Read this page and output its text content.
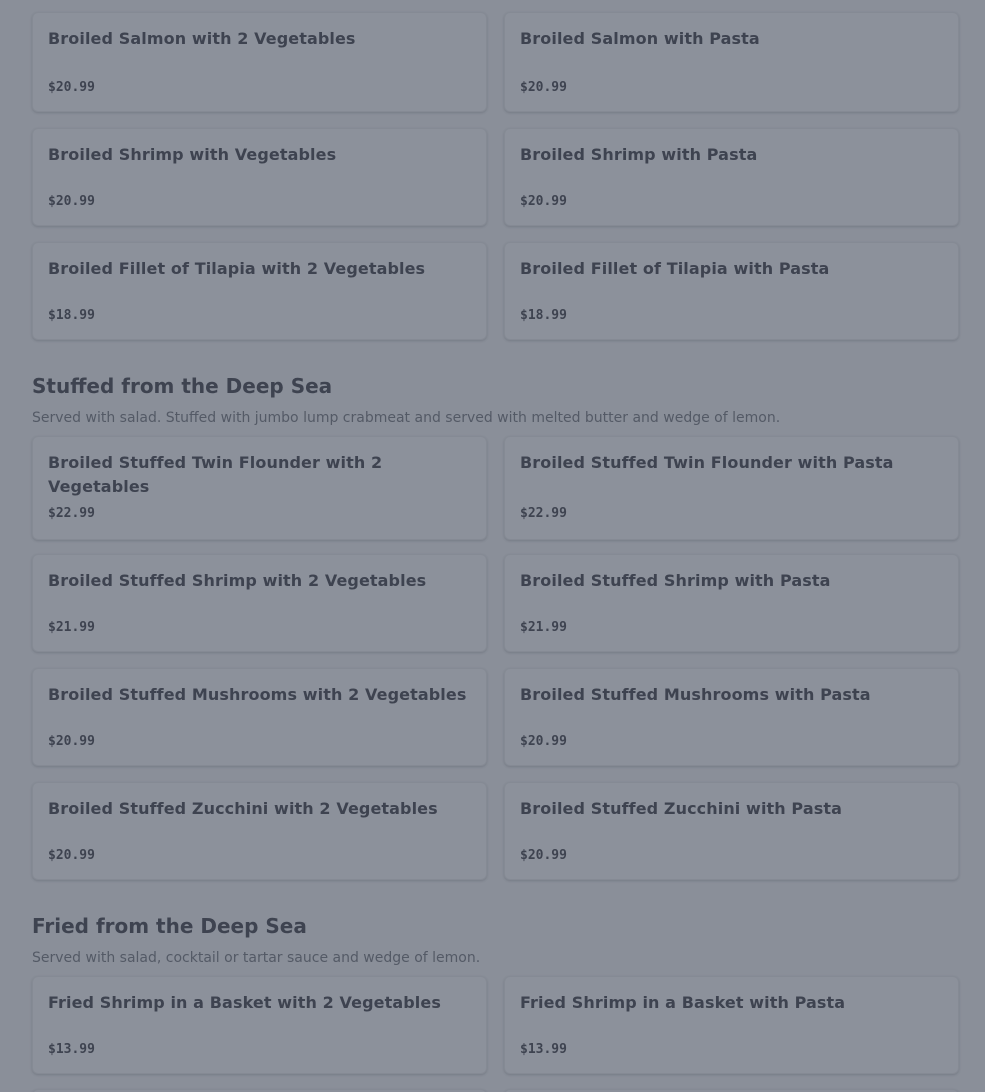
Broiled Salmon with 2 Vegetables
$20.99
Broiled Salmon with Pasta
$20.99
Broiled Shrimp with Vegetables
$20.99
Broiled Shrimp with Pasta
$20.99
Broiled Fillet of Tilapia with 2 Vegetables
$18.99
Broiled Fillet of Tilapia with Pasta
$18.99
Stuffed from the Deep Sea

Served with salad. Stuffed with jumbo lump crabmeat and served with melted butter and wedge of lemon.

Broiled Stuffed Twin Flounder with 2 Vegetables
$22.99
Broiled Stuffed Twin Flounder with Pasta
$22.99
Broiled Stuffed Shrimp with 2 Vegetables
$21.99
Broiled Stuffed Shrimp with Pasta
$21.99
Broiled Stuffed Mushrooms with 2 Vegetables
$20.99
Broiled Stuffed Mushrooms with Pasta
$20.99
Broiled Stuffed Zucchini with 2 Vegetables
$20.99
Broiled Stuffed Zucchini with Pasta
$20.99
Fried from the Deep Sea

Served with salad, cocktail or tartar sauce and wedge of lemon.

Fried Shrimp in a Basket with 2 Vegetables
$13.99
Fried Shrimp in a Basket with Pasta
$13.99
